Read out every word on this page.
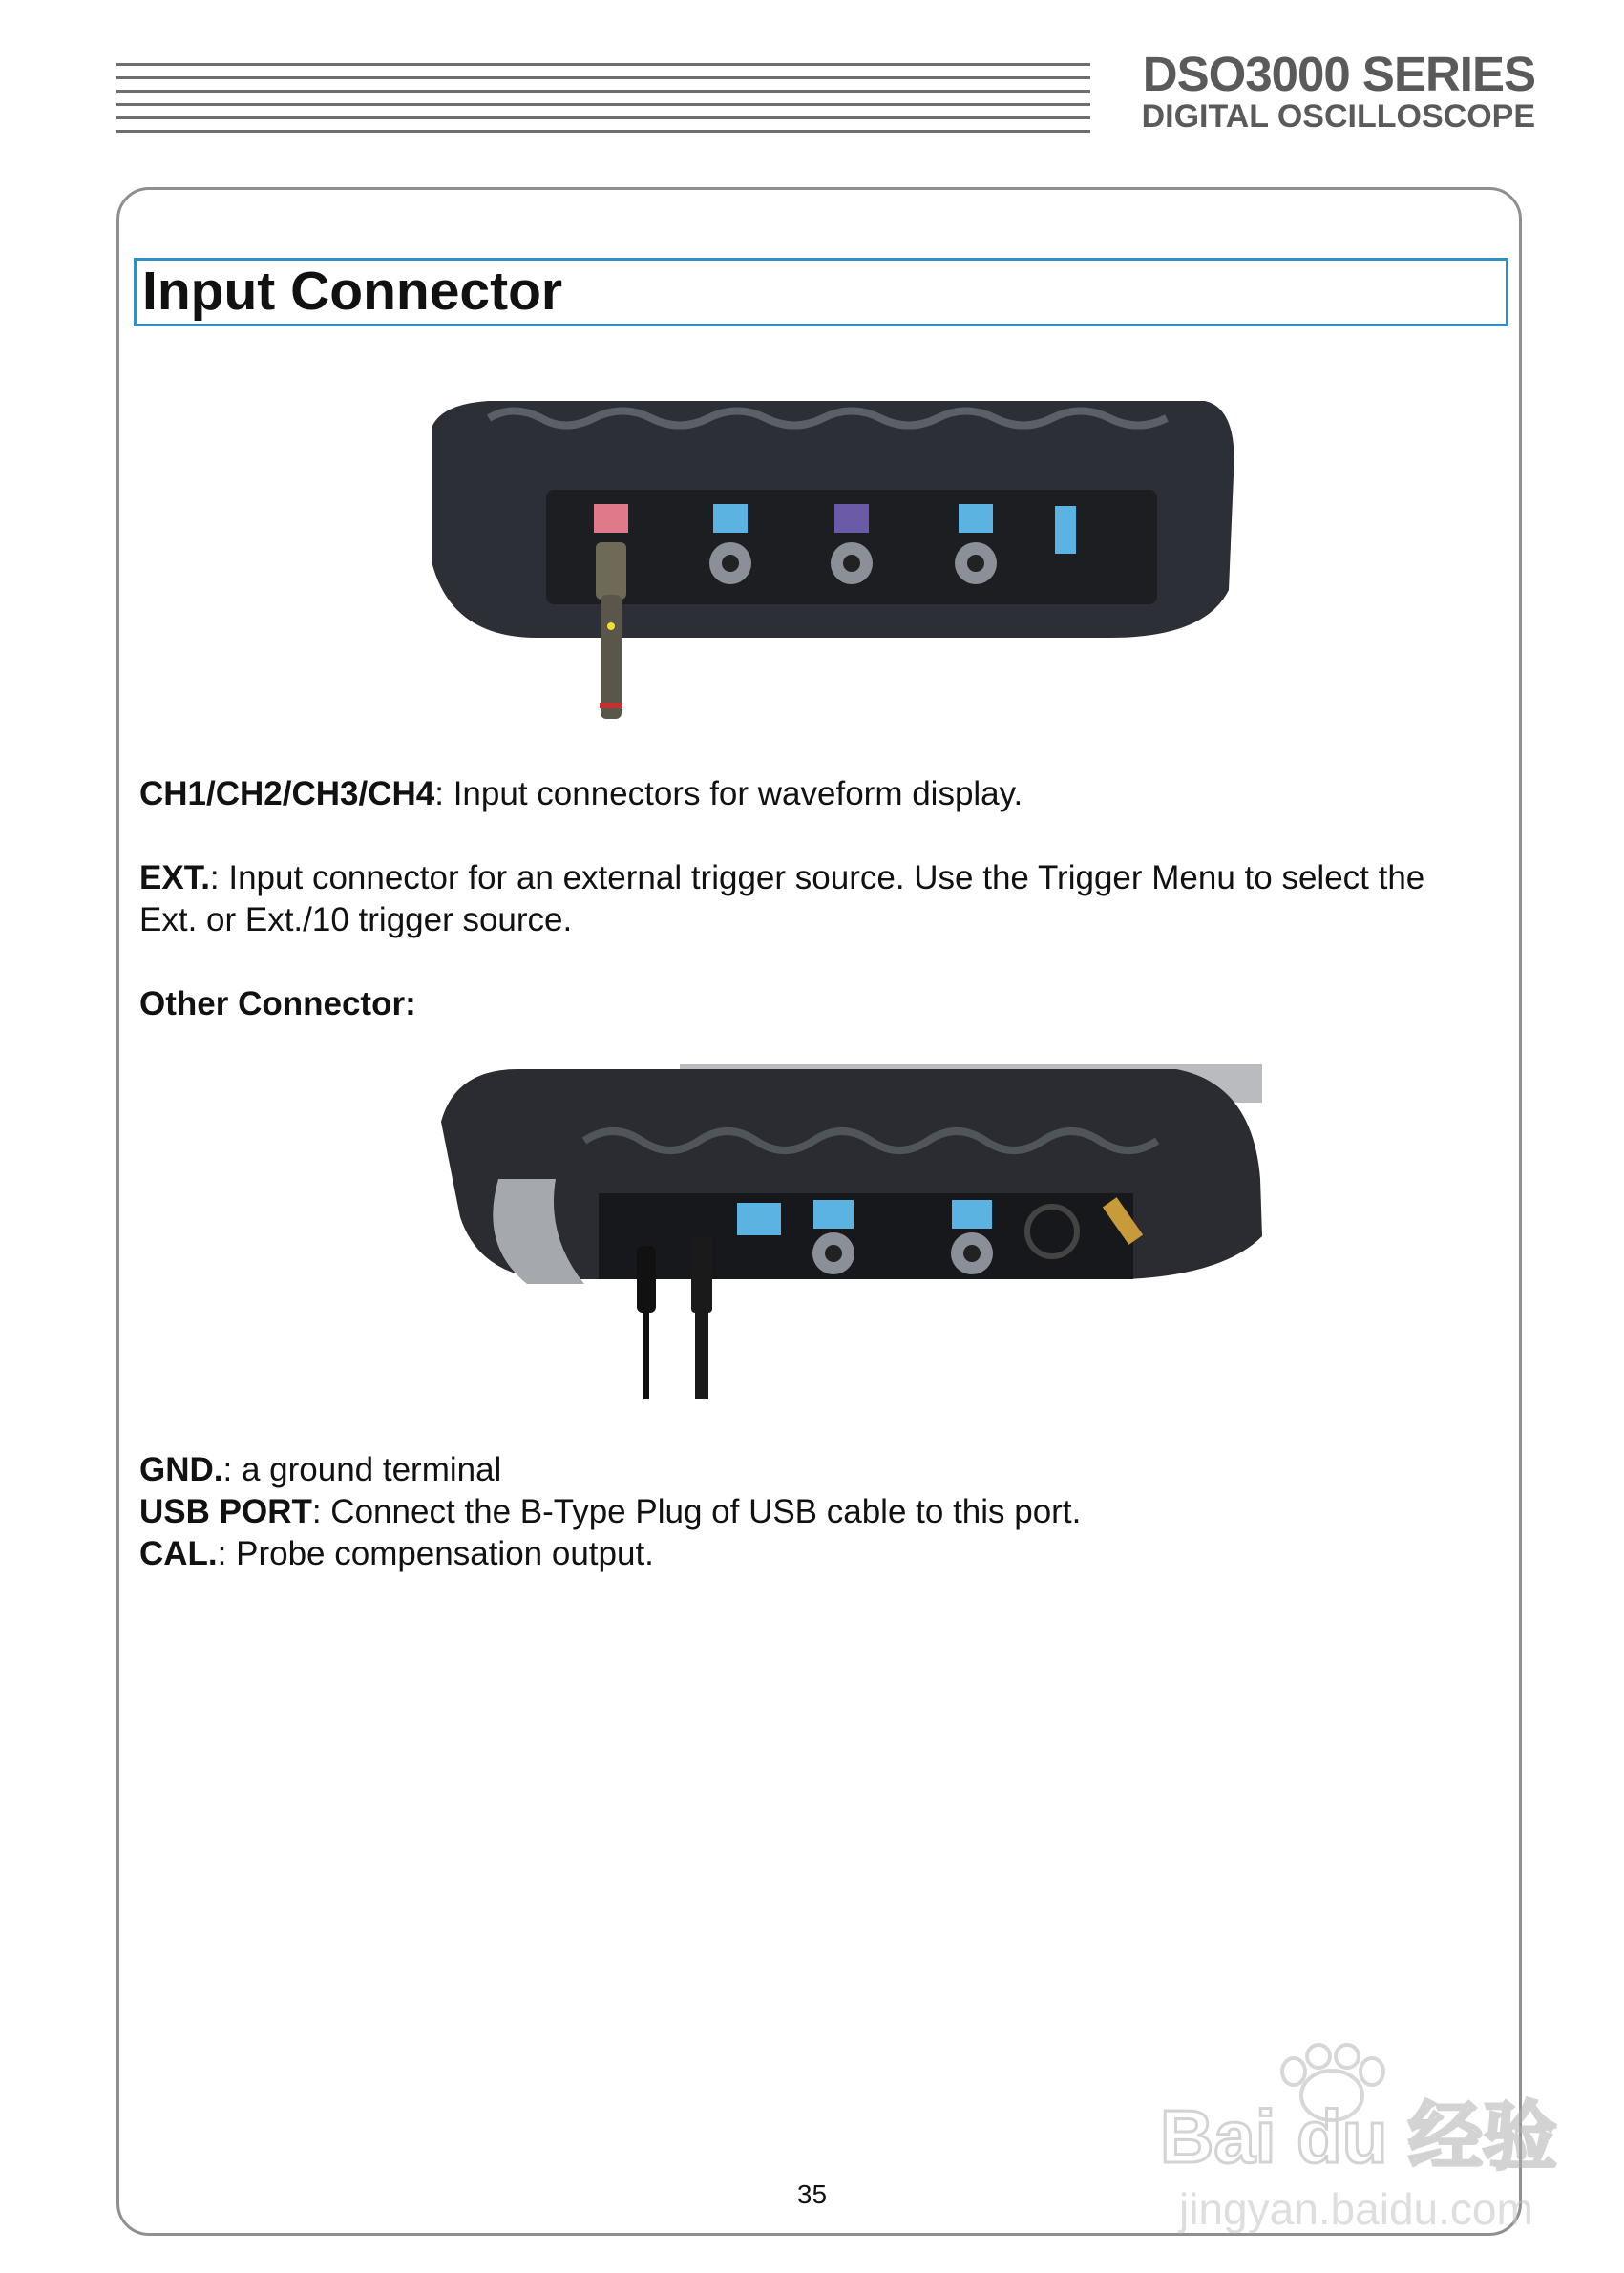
DSO3000 SERIES
DIGITAL OSCILLOSCOPE
Input Connector
CH1/CH2/CH3/CH4: Input connectors for waveform display.
EXT.: Input connector for an external trigger source. Use the Trigger Menu to select the
Ext. or Ext./10 trigger source.
Other Connector:
GND.: a ground terminal
USB PORT: Connect the B-Type Plug of USB cable to this port.
CAL.: Probe compensation output.
Bai du 经验
jingyan.baidu.com
35
